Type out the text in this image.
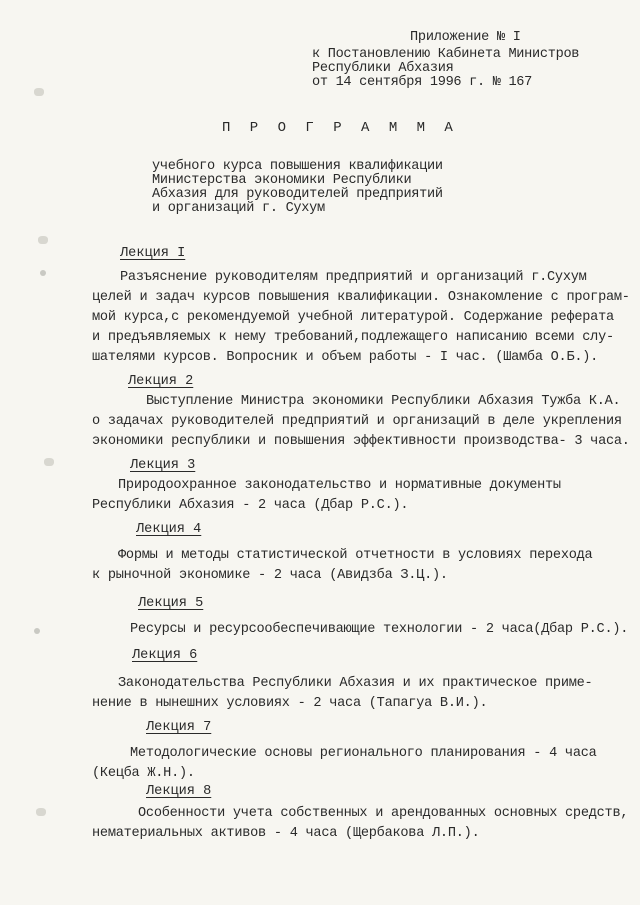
Приложение № I
к Постановлению Кабинета Министров
Республики Абхазия
от 14 сентября 1996 г. № 167
П Р О Г Р А М М А
учебного курса повышения квалификации
Министерства экономики Республики
Абхазия для руководителей предприятий
и организаций г. Сухум
Лекция I
Разъяснение руководителям предприятий и организаций г.Сухум
целей и задач курсов повышения квалификации. Ознакомление с програм-
мой курса,с рекомендуемой учебной литературой. Содержание реферата
и предъявляемых к нему требований,подлежащего написанию всеми слу-
шателями курсов. Вопросник и объем работы - I час. (Шамба О.Б.).
Лекция 2
Выступление Министра экономики Республики Абхазия Тужба К.А.
о задачах руководителей предприятий и организаций в деле укрепления
экономики республики и повышения эффективности производства- 3 часа.
Лекция 3
Природоохранное законодательство и нормативные документы
Республики Абхазия - 2 часа (Дбар Р.С.).
Лекция 4
Формы и методы статистической отчетности в условиях перехода
к рыночной экономике - 2 часа (Авидзба З.Ц.).
Лекция 5
Ресурсы и ресурсообеспечивающие технологии - 2 часа(Дбар Р.С.).
Лекция 6
Законодательства Республики Абхазия и их практическое приме-
нение в нынешних условиях - 2 часа (Тапагуа В.И.).
Лекция 7
Методологические основы регионального планирования - 4 часа
(Кецба Ж.Н.).
Лекция 8
Особенности учета собственных и арендованных основных средств,
нематериальных активов - 4 часа (Щербакова Л.П.).
